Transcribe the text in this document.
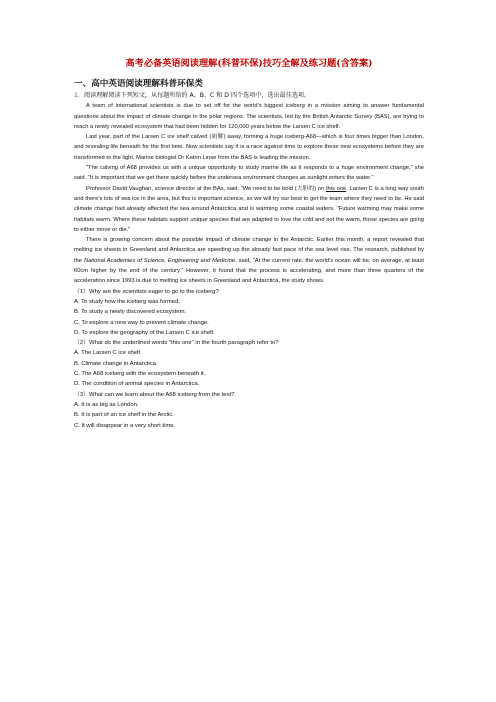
高考必备英语阅读理解(科普环保)技巧全解及练习题(含答案)
一、高中英语阅读理解科普环保类
1．阅读理解阅读下列短文，从每题所给的 A、B、C 和 D 四个选项中，选出最佳选项。

A team of international scientists is due to set off for the world's biggest iceberg in a mission aiming to answer fundamental questions about the impact of climate change in the polar regions. The scientists, led by the British Antarctic Survey (BAS), are trying to reach a newly revealed ecosystem that had been hidden for 120,000 years below the Larsen C ice shelf.

Last year, part of the Larsen C ice shelf calved (崩解) away, forming a huge iceberg-A68—which is four times bigger than London, and revealing life beneath for the first time. Now scientists say it is a race against time to explore these new ecosystems before they are transformed to the light. Marine biologist Dr Katrin Linse from the BAS is leading the mission.

"The calving of A68 provides us with a unique opportunity to study marine life as it responds to a huge environment change," she said. "It is important that we get there quickly before the undersea environment changes as sunlight enters the water."

Professor David Vaughan, science director at the BAs, said, "We need to be bold (大胆的) on this one. Larsen C is a long way south and there's lots of sea ice in the area, but this is important science, so we will try our best to get the team where they need to be. He said climate change had already affected the sea around Antarctica and is warming some coastal waters. "Future warming may make some habitats warm. Where these habitats support unique species that are adapted to love the cold and not the warm, those species are going to either move or die."

There is growing concern about the possible impact of climate change in the Antarctic. Earlier this month, a report revealed that melting ice sheets in Greenland and Antarctica are speeding up the already fast pace of the sea level rise. The research, published by the National Academies of Science, Engineering and Medicine, said, "At the current rate, the world's ocean will be, on average, at least 60cm higher by the end of the century." However, it found that the process is accelerating, and more than three quarters of the acceleration since 1993 is due to melting ice sheets in Greenland and Antarctica, the study shows.

（1）Why are the scientists eager to go to the iceberg?

A. To study how the iceberg was formed.

B. To study a newly discovered ecosystem.

C. To explore a new way to prevent climate change.

D. To explore the geography of the Larsen C ice shelf.

（2）What do the underlined words "this one" in the fourth paragraph refer to?

A. The Larsen C ice shelf.

B. Climate change in Antarctica.

C. The A68 iceberg with the ecosystem beneath it.

D. The condition of animal species in Antarctica.

（3）What can we learn about the A68 iceberg from the text?

A. It is as big as London.

B. It is part of an ice shelf in the Arctic.

C. It will disappear in a very short time.
